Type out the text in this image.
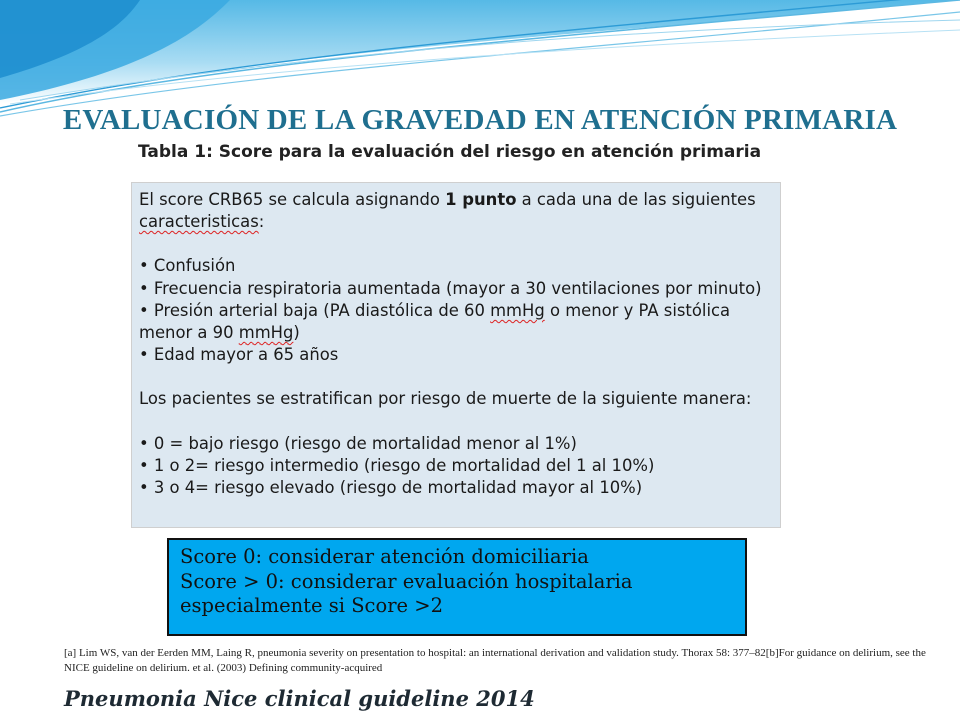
EVALUACIÓN DE LA GRAVEDAD EN ATENCIÓN PRIMARIA
Tabla 1: Score para la evaluación del riesgo en atención primaria

El score CRB65 se calcula asignando 1 punto a cada una de las siguientes caracteristicas:

• Confusión

• Frecuencia respiratoria aumentada (mayor a 30 ventilaciones por minuto)

• Presión arterial baja (PA diastólica de 60 mmHg o menor y PA sistólica menor a 90 mmHg)

• Edad mayor a 65 años

Los pacientes se estratifican por riesgo de muerte de la siguiente manera:

• 0 = bajo riesgo (riesgo de mortalidad menor al 1%)

• 1 o 2= riesgo intermedio (riesgo de mortalidad del 1 al 10%)

• 3 o 4= riesgo elevado (riesgo de mortalidad mayor al 10%)

Score 0: considerar atención domiciliaria
Score > 0: considerar evaluación hospitalaria
especialmente si Score >2
[a] Lim WS, van der Eerden MM, Laing R, pneumonia severity on presentation to hospital: an international derivation and validation study. Thorax 58: 377–82[b]For guidance on delirium, see the NICE guideline on delirium. et al. (2003) Defining community-acquired
Pneumonia Nice clinical guideline 2014
